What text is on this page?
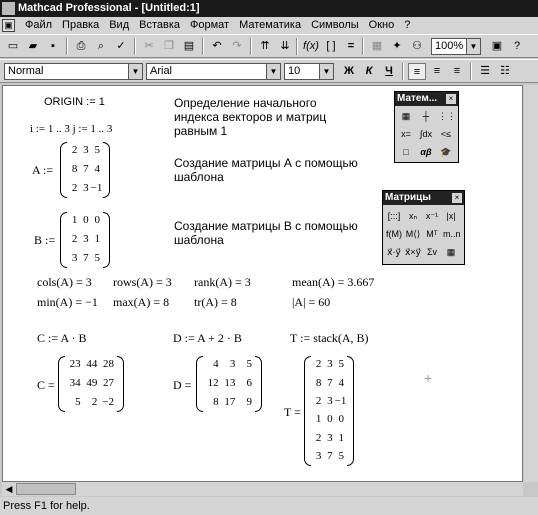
Mathcad Professional - [Untitled:1]
▣	Файл Правка Вид Вставка Формат Математика Символы Окно ?
▭ ▰	▪	⎙	⌕	✓	✂ ❐ ▤	↶ ↷	⇈ ⇊	f(x) [ ]	=	▦ ✦ ⚇	100% ▼	▣	?
Normal	▼ Arial	▼ 10	▼	Ж	К	Ч	≡	≡	≡	☰ ☷
ORIGIN := 1	Определение начального индекса векторов и матриц равным 1
i := 1 .. 3 j := 1 .. 3
A :=
2 3 5
8 7 4
2 3 −1
Создание матрицы А с помощью шаблона
B :=
1 0 0
2 3 1
3 7 5
Создание матрицы В с помощью шаблона
cols(A) = 3 rows(A) = 3 rank(A) = 3	mean(A) = 3.667
min(A) = −1 max(A) = 8 tr(A) = 8	|A| = 60
C := A · B	D := A + 2 · B	T := stack(A, B)
C =
23 44 28
34 49 27
5	2 −2
D =
4	3	5
12 13	6
8 17	9
T =
2 3 5
8 7 4
2 3 −1
1 0 0
2 3 1
3 7 5
+
Матем...	×
▦	┼ ⋮⋮
x=	∫dx <≤
□	αβ 🎓
Матрицы	×
[:::] xₙ x⁻¹ |x|
f(M) M⟨⟩ Mᵀ m..n
x⃗·y⃗ x⃗×y⃗ Σv	▦
◀
Press F1 for help.
